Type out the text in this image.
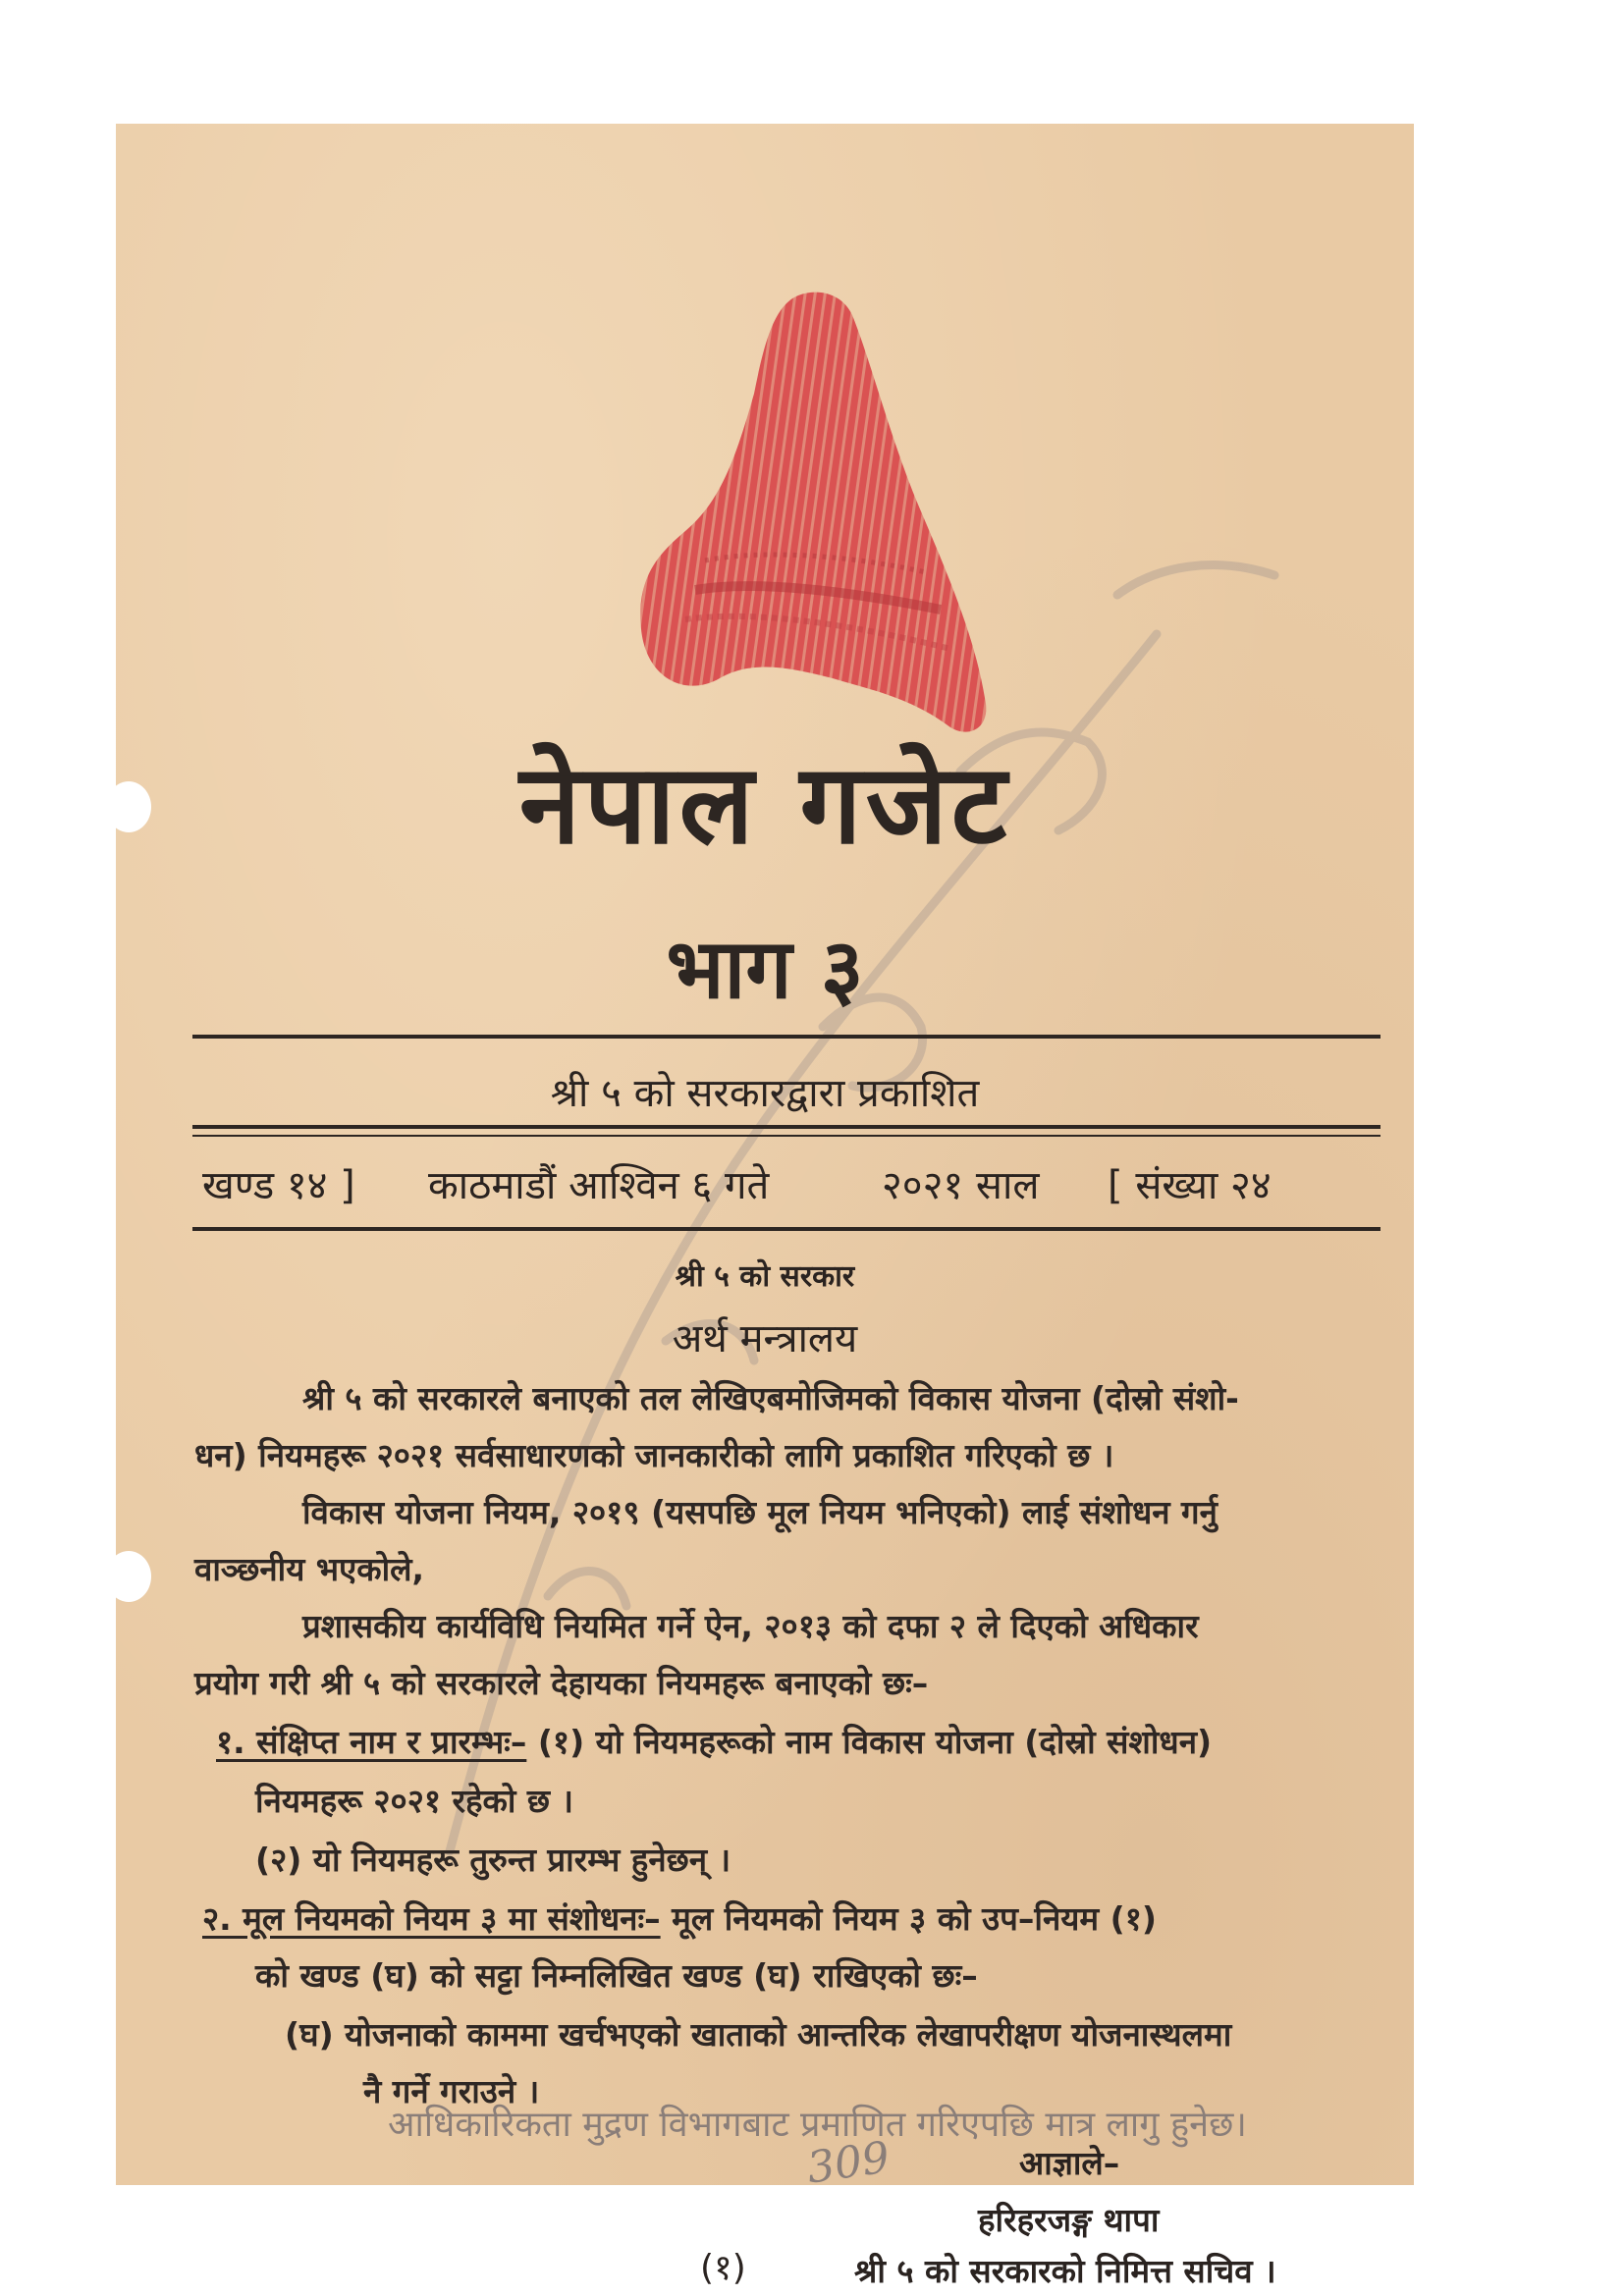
नेपाल गजेट
भाग ३
श्री ५ को सरकारद्वारा प्रकाशित
खण्ड १४ ] काठमाडौं आश्विन ६ गते	२०२१ साल [ संख्या २४
श्री ५ को सरकार
अर्थ मन्त्रालय
श्री ५ को सरकारले बनाएको तल लेखिएबमोजिमको विकास योजना (दोस्रो संशो-
धन) नियमहरू २०२१ सर्वसाधारणको जानकारीको लागि प्रकाशित गरिएको छ ।
विकास योजना नियम, २०१९ (यसपछि मूल नियम भनिएको) लाई संशोधन गर्नु
वाञ्छनीय भएकोले,
प्रशासकीय कार्यविधि नियमित गर्ने ऐन, २०१३ को दफा २ ले दिएको अधिकार
प्रयोग गरी श्री ५ को सरकारले देहायका नियमहरू बनाएको छः–
१. संक्षिप्त नाम र प्रारम्भः– (१) यो नियमहरूको नाम विकास योजना (दोस्रो संशोधन)
नियमहरू २०२१ रहेको छ ।
(२) यो नियमहरू तुरुन्त प्रारम्भ हुनेछन् ।
२. मूल नियमको नियम ३ मा संशोधनः– मूल नियमको नियम ३ को उप–नियम (१)
को खण्ड (घ) को सट्टा निम्नलिखित खण्ड (घ) राखिएको छः–
(घ) योजनाको काममा खर्चभएको खाताको आन्तरिक लेखापरीक्षण योजनास्थलमा
नै गर्ने गराउने ।
आज्ञाले–
हरिहरजङ्ग थापा
(१)	श्री ५ को सरकारको निमित्त सचिव ।
आधिकारिकता मुद्रण विभागबाट प्रमाणित गरिएपछि मात्र लागु हुनेछ।
309
